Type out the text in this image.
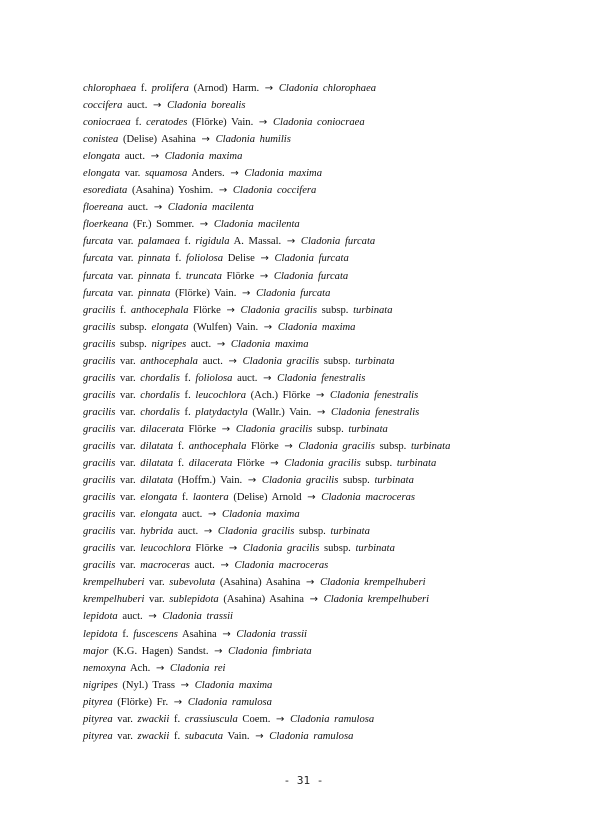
chlorophaea f. prolifera (Arnod) Harm. → Cladonia chlorophaea
coccifera auct. → Cladonia borealis
coniocraea f. ceratodes (Flörke) Vain. → Cladonia coniocraea
conistea (Delise) Asahina → Cladonia humilis
elongata auct. → Cladonia maxima
elongata var. squamosa Anders. → Cladonia maxima
esorediata (Asahina) Yoshim. → Cladonia coccifera
floereana auct. → Cladonia macilenta
floerkeana (Fr.) Sommer. → Cladonia macilenta
furcata var. palamaea f. rigidula A. Massal. → Cladonia furcata
furcata var. pinnata f. foliolosa Delise → Cladonia furcata
furcata var. pinnata f. truncata Flörke → Cladonia furcata
furcata var. pinnata (Flörke) Vain. → Cladonia furcata
gracilis f. anthocephala Flörke → Cladonia gracilis subsp. turbinata
gracilis subsp. elongata (Wulfen) Vain. → Cladonia maxima
gracilis subsp. nigripes auct. → Cladonia maxima
gracilis var. anthocephala auct. → Cladonia gracilis subsp. turbinata
gracilis var. chordalis f. foliolosa auct. → Cladonia fenestralis
gracilis var. chordalis f. leucochlora (Ach.) Flörke → Cladonia fenestralis
gracilis var. chordalis f. platydactyla (Wallr.) Vain. → Cladonia fenestralis
gracilis var. dilacerata Flörke → Cladonia gracilis subsp. turbinata
gracilis var. dilatata f. anthocephala Flörke → Cladonia gracilis subsp. turbinata
gracilis var. dilatata f. dilacerata Flörke → Cladonia gracilis subsp. turbinata
gracilis var. dilatata (Hoffm.) Vain. → Cladonia gracilis subsp. turbinata
gracilis var. elongata f. laontera (Delise) Arnold → Cladonia macroceras
gracilis var. elongata auct. → Cladonia maxima
gracilis var. hybrida auct. → Cladonia gracilis subsp. turbinata
gracilis var. leucochlora Flörke → Cladonia gracilis subsp. turbinata
gracilis var. macroceras auct. → Cladonia macroceras
krempelhuberi var. subevoluta (Asahina) Asahina → Cladonia krempelhuberi
krempelhuberi var. sublepidota (Asahina) Asahina → Cladonia krempelhuberi
lepidota auct. → Cladonia trassii
lepidota f. fuscescens Asahina → Cladonia trassii
major (K.G. Hagen) Sandst. → Cladonia fimbriata
nemoxyna Ach. → Cladonia rei
nigripes (Nyl.) Trass → Cladonia maxima
pityrea (Flörke) Fr. → Cladonia ramulosa
pityrea var. zwackii f. crassiuscula Coem. → Cladonia ramulosa
pityrea var. zwackii f. subacuta Vain. → Cladonia ramulosa
- 31 -
